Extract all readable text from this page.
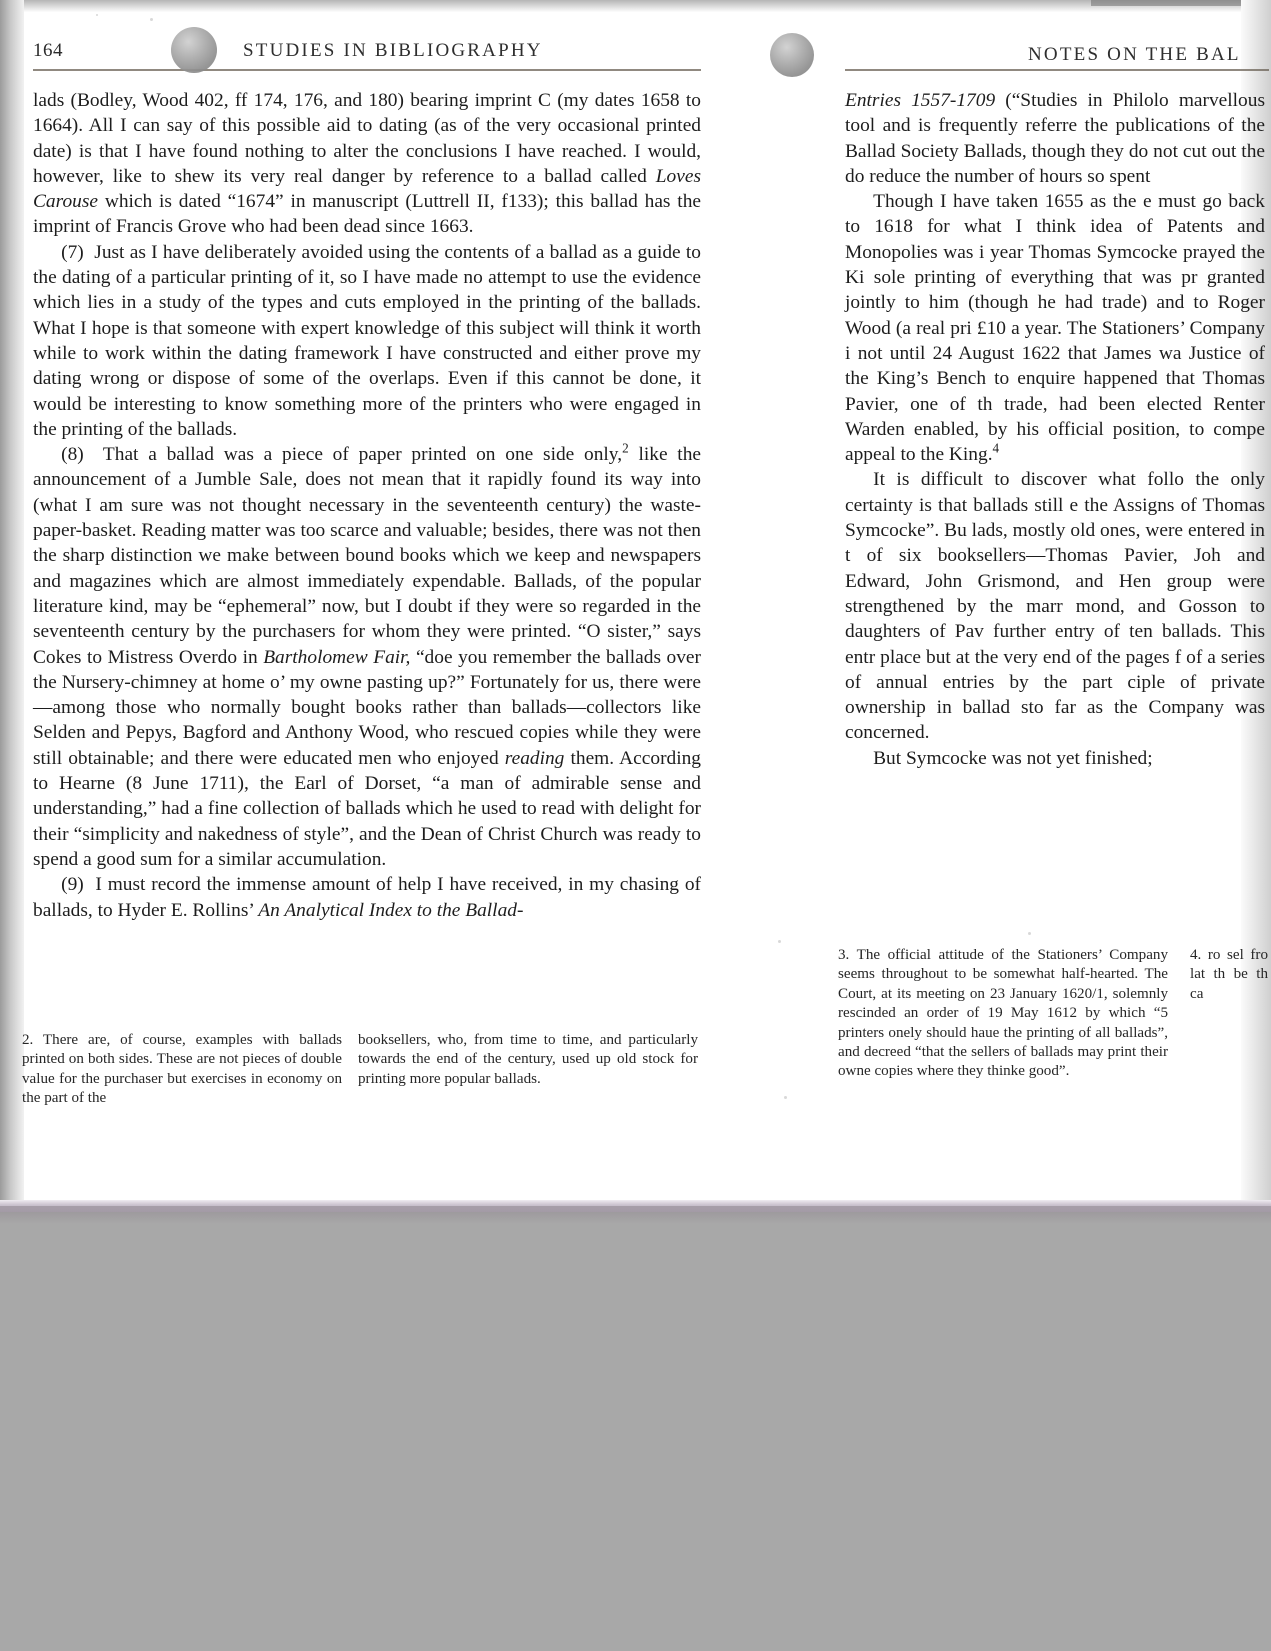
164	STUDIES IN BIBLIOGRAPHY	NOTES ON THE BAL

lads (Bodley, Wood 402, ff 174, 176, and 180) bearing imprint C (my dates 1658 to 1664). All I can say of this possible aid to dating (as of the very occasional printed date) is that I have found nothing to alter the conclusions I have reached. I would, however, like to shew its very real danger by reference to a ballad called Loves Carouse which is dated “1674” in manuscript (Luttrell II, f133); this ballad has the imprint of Francis Grove who had been dead since 1663.

(7)  Just as I have deliberately avoided using the contents of a ballad as a guide to the dating of a particular printing of it, so I have made no attempt to use the evidence which lies in a study of the types and cuts employed in the printing of the ballads. What I hope is that someone with expert knowledge of this subject will think it worth while to work within the dating framework I have constructed and either prove my dating wrong or dispose of some of the overlaps. Even if this cannot be done, it would be interesting to know something more of the printers who were engaged in the printing of the ballads.

(8)  That a ballad was a piece of paper printed on one side only,$^2$ like the announcement of a Jumble Sale, does not mean that it rapidly found its way into (what I am sure was not thought necessary in the seventeenth century) the waste-paper-basket. Reading matter was too scarce and valuable; besides, there was not then the sharp distinction we make between bound books which we keep and newspapers and magazines which are almost immediately expendable. Ballads, of the popular literature kind, may be “ephemeral” now, but I doubt if they were so regarded in the seventeenth century by the purchasers for whom they were printed. “O sister,” says Cokes to Mistress Overdo in Bartholomew Fair, “doe you remember the ballads over the Nursery-chimney at home o’ my owne pasting up?” Fortunately for us, there were—among those who normally bought books rather than ballads—collectors like Selden and Pepys, Bagford and Anthony Wood, who rescued copies while they were still obtainable; and there were educated men who enjoyed reading them. According to Hearne (8 June 1711), the Earl of Dorset, “a man of admirable sense and understanding,” had a fine collection of ballads which he used to read with delight for their “simplicity and nakedness of style”, and the Dean of Christ Church was ready to spend a good sum for a similar accumulation.

(9)  I must record the immense amount of help I have received, in my chasing of ballads, to Hyder E. Rollins’ An Analytical Index to the Ballad-

Entries 1557-1709 (“Studies in Philolo marvellous tool and is frequently referre the publications of the Ballad Society Ballads, though they do not cut out the do reduce the number of hours so spent

Though I have taken 1655 as the e must go back to 1618 for what I think idea of Patents and Monopolies was i year Thomas Symcocke prayed the Ki sole printing of everything that was pr granted jointly to him (though he had trade) and to Roger Wood (a real pri £10 a year. The Stationers’ Company i not until 24 August 1622 that James wa Justice of the King’s Bench to enquire happened that Thomas Pavier, one of th trade, had been elected Renter Warden enabled, by his official position, to compe appeal to the King.$^4$

It is difficult to discover what follo the only certainty is that ballads still e the Assigns of Thomas Symcocke”. Bu lads, mostly old ones, were entered in t of six booksellers—Thomas Pavier, Joh and Edward, John Grismond, and Hen group were strengthened by the marr mond, and Gosson to daughters of Pav further entry of ten ballads. This entr place but at the very end of the pages f of a series of annual entries by the part ciple of private ownership in ballad sto far as the Company was concerned.

But Symcocke was not yet finished;

2. There are, of course, examples with ballads printed on both sides. These are not pieces of double value for the purchaser but exercises in economy on the part of the

booksellers, who, from time to time, and particularly towards the end of the century, used up old stock for printing more popular ballads.

3. The official attitude of the Stationers’ Company seems throughout to be somewhat half-hearted. The Court, at its meeting on 23 January 1620/1, solemnly rescinded an order of 19 May 1612 by which “5 printers onely should haue the printing of all ballads”, and decreed “that the sellers of ballads may print their owne copies where they thinke good”.

4. ro sel fro lat th be th ca
